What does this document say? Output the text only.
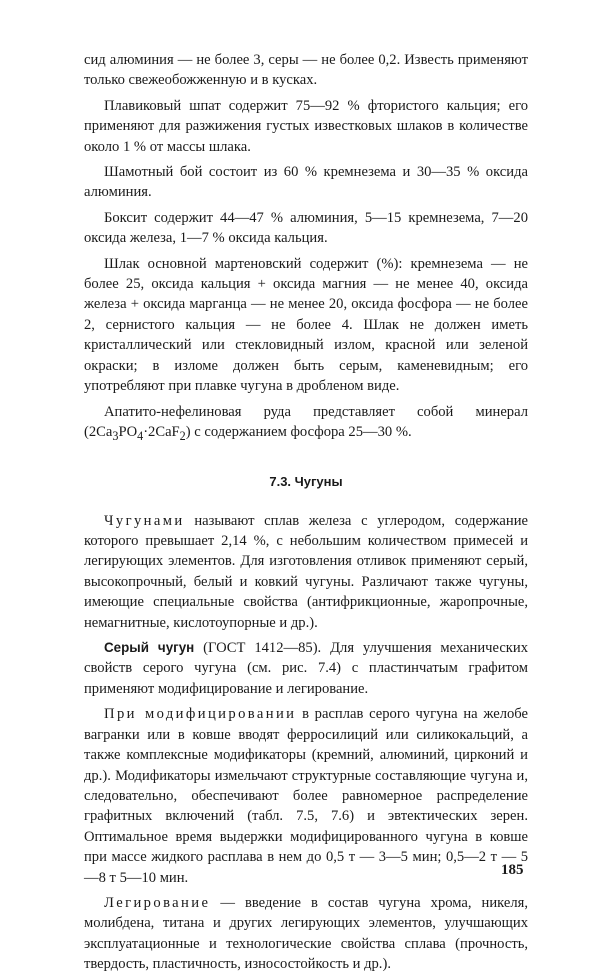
сид алюминия — не более 3, серы — не более 0,2. Известь применяют только свежеобожженную и в кусках.

Плавиковый шпат содержит 75—92 % фтористого кальция; его применяют для разжижения густых известковых шлаков в количестве около 1 % от массы шлака.

Шамотный бой состоит из 60 % кремнезема и 30—35 % оксида алюминия.

Боксит содержит 44—47 % алюминия, 5—15 кремнезема, 7—20 оксида железа, 1—7 % оксида кальция.

Шлак основной мартеновский содержит (%): кремнезема — не более 25, оксида кальция + оксида магния — не менее 40, оксида железа + оксида марганца — не менее 20, оксида фосфора — не более 2, сернистого кальция — не более 4. Шлак не должен иметь кристаллический или стекловидный излом, красной или зеленой окраски; в изломе должен быть серым, каменевидным; его употребляют при плавке чугуна в дробленом виде.

Апатито-нефелиновая руда представляет собой минерал $(2Ca_3PO_4\cdot 2CaF_2)$ с содержанием фосфора 25—30 %.

7.3. Чугуны

Чугунами называют сплав железа с углеродом, содержание которого превышает 2,14 %, с небольшим количеством примесей и легирующих элементов. Для изготовления отливок применяют серый, высокопрочный, белый и ковкий чугуны. Различают также чугуны, имеющие специальные свойства (антифрикционные, жаропрочные, немагнитные, кислотоупорные и др.).

Серый чугун (ГОСТ 1412—85). Для улучшения механических свойств серого чугуна (см. рис. 7.4) с пластинчатым графитом применяют модифицирование и легирование.

При модифицировании в расплав серого чугуна на желобе вагранки или в ковше вводят ферросилиций или силикокальций, а также комплексные модификаторы (кремний, алюминий, цирконий и др.). Модификаторы измельчают структурные составляющие чугуна и, следовательно, обеспечивают более равномерное распределение графитных включений (табл. 7.5, 7.6) и эвтектических зерен. Оптимальное время выдержки модифицированного чугуна в ковше при массе жидкого расплава в нем до 0,5 т — 3—5 мин; 0,5—2 т — 5—8 т 5—10 мин.

Легирование — введение в состав чугуна хрома, никеля, молибдена, титана и других легирующих элементов, улучшающих эксплуатационные и технологические свойства сплава (прочность, твердость, пластичность, износостойкость и др.).

185
